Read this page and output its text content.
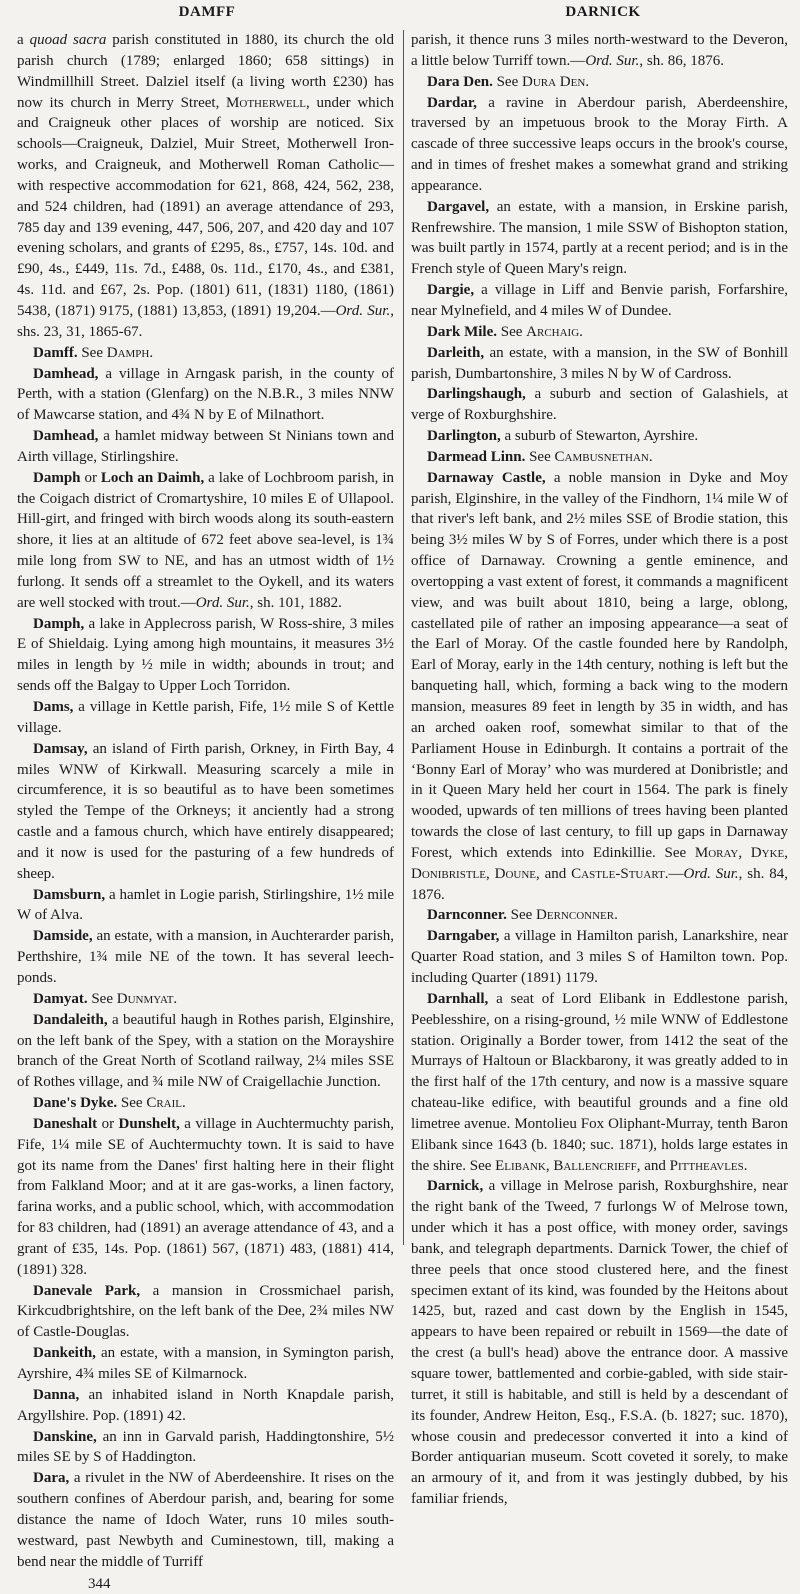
DAMFF	DARNICK

a quoad sacra parish constituted in 1880, its church the old parish church (1789; enlarged 1860; 658 sittings) in Windmillhill Street. Dalziel itself (a living worth £230) has now its church in Merry Street, Motherwell, under which and Craigneuk other places of worship are noticed. Six schools—Craigneuk, Dalziel, Muir Street, Motherwell Iron-works, and Craigneuk, and Motherwell Roman Catholic—with respective accommodation for 621, 868, 424, 562, 238, and 524 children, had (1891) an average attendance of 293, 785 day and 139 evening, 447, 506, 207, and 420 day and 107 evening scholars, and grants of £295, 8s., £757, 14s. 10d. and £90, 4s., £449, 11s. 7d., £488, 0s. 11d., £170, 4s., and £381, 4s. 11d. and £67, 2s. Pop. (1801) 611, (1831) 1180, (1861) 5438, (1871) 9175, (1881) 13,853, (1891) 19,204.—Ord. Sur., shs. 23, 31, 1865-67.

Damff. See Damph.

Damhead, a village in Arngask parish, in the county of Perth, with a station (Glenfarg) on the N.B.R., 3 miles NNW of Mawcarse station, and 4¾ N by E of Milnathort.

Damhead, a hamlet midway between St Ninians town and Airth village, Stirlingshire.

Damph or Loch an Daimh, a lake of Lochbroom parish, in the Coigach district of Cromartyshire, 10 miles E of Ullapool. Hill-girt, and fringed with birch woods along its south-eastern shore, it lies at an altitude of 672 feet above sea-level, is 1¾ mile long from SW to NE, and has an utmost width of 1½ furlong. It sends off a streamlet to the Oykell, and its waters are well stocked with trout.—Ord. Sur., sh. 101, 1882.

Damph, a lake in Applecross parish, W Ross-shire, 3 miles E of Shieldaig. Lying among high mountains, it measures 3½ miles in length by ½ mile in width; abounds in trout; and sends off the Balgay to Upper Loch Torridon.

Dams, a village in Kettle parish, Fife, 1½ mile S of Kettle village.

Damsay, an island of Firth parish, Orkney, in Firth Bay, 4 miles WNW of Kirkwall. Measuring scarcely a mile in circumference, it is so beautiful as to have been sometimes styled the Tempe of the Orkneys; it anciently had a strong castle and a famous church, which have entirely disappeared; and it now is used for the pasturing of a few hundreds of sheep.

Damsburn, a hamlet in Logie parish, Stirlingshire, 1½ mile W of Alva.

Damside, an estate, with a mansion, in Auchterarder parish, Perthshire, 1¾ mile NE of the town. It has several leech-ponds.

Damyat. See Dunmyat.

Dandaleith, a beautiful haugh in Rothes parish, Elginshire, on the left bank of the Spey, with a station on the Morayshire branch of the Great North of Scotland railway, 2¼ miles SSE of Rothes village, and ¾ mile NW of Craigellachie Junction.

Dane's Dyke. See Crail.

Daneshalt or Dunshelt, a village in Auchtermuchty parish, Fife, 1¼ mile SE of Auchtermuchty town. It is said to have got its name from the Danes' first halting here in their flight from Falkland Moor; and at it are gas-works, a linen factory, farina works, and a public school, which, with accommodation for 83 children, had (1891) an average attendance of 43, and a grant of £35, 14s. Pop. (1861) 567, (1871) 483, (1881) 414, (1891) 328.

Danevale Park, a mansion in Crossmichael parish, Kirkcudbrightshire, on the left bank of the Dee, 2¾ miles NW of Castle-Douglas.

Dankeith, an estate, with a mansion, in Symington parish, Ayrshire, 4¾ miles SE of Kilmarnock.

Danna, an inhabited island in North Knapdale parish, Argyllshire. Pop. (1891) 42.

Danskine, an inn in Garvald parish, Haddingtonshire, 5½ miles SE by S of Haddington.

Dara, a rivulet in the NW of Aberdeenshire. It rises on the southern confines of Aberdour parish, and, bearing for some distance the name of Idoch Water, runs 10 miles south-westward, past Newbyth and Cuminestown, till, making a bend near the middle of Turriff

344

parish, it thence runs 3 miles north-westward to the Deveron, a little below Turriff town.—Ord. Sur., sh. 86, 1876.

Dara Den. See Dura Den.

Dardar, a ravine in Aberdour parish, Aberdeenshire, traversed by an impetuous brook to the Moray Firth. A cascade of three successive leaps occurs in the brook's course, and in times of freshet makes a somewhat grand and striking appearance.

Dargavel, an estate, with a mansion, in Erskine parish, Renfrewshire. The mansion, 1 mile SSW of Bishopton station, was built partly in 1574, partly at a recent period; and is in the French style of Queen Mary's reign.

Dargie, a village in Liff and Benvie parish, Forfarshire, near Mylnefield, and 4 miles W of Dundee.

Dark Mile. See Archaig.

Darleith, an estate, with a mansion, in the SW of Bonhill parish, Dumbartonshire, 3 miles N by W of Cardross.

Darlingshaugh, a suburb and section of Galashiels, at verge of Roxburghshire.

Darlington, a suburb of Stewarton, Ayrshire.

Darmead Linn. See Cambusnethan.

Darnaway Castle, a noble mansion in Dyke and Moy parish, Elginshire, in the valley of the Findhorn, 1¼ mile W of that river's left bank, and 2½ miles SSE of Brodie station, this being 3½ miles W by S of Forres, under which there is a post office of Darnaway. Crowning a gentle eminence, and overtopping a vast extent of forest, it commands a magnificent view, and was built about 1810, being a large, oblong, castellated pile of rather an imposing appearance—a seat of the Earl of Moray. Of the castle founded here by Randolph, Earl of Moray, early in the 14th century, nothing is left but the banqueting hall, which, forming a back wing to the modern mansion, measures 89 feet in length by 35 in width, and has an arched oaken roof, somewhat similar to that of the Parliament House in Edinburgh. It contains a portrait of the ‘Bonny Earl of Moray’ who was murdered at Donibristle; and in it Queen Mary held her court in 1564. The park is finely wooded, upwards of ten millions of trees having been planted towards the close of last century, to fill up gaps in Darnaway Forest, which extends into Edinkillie. See Moray, Dyke, Donibristle, Doune, and Castle-Stuart.—Ord. Sur., sh. 84, 1876.

Darnconner. See Dernconner.

Darngaber, a village in Hamilton parish, Lanarkshire, near Quarter Road station, and 3 miles S of Hamilton town. Pop. including Quarter (1891) 1179.

Darnhall, a seat of Lord Elibank in Eddlestone parish, Peeblesshire, on a rising-ground, ½ mile WNW of Eddlestone station. Originally a Border tower, from 1412 the seat of the Murrays of Haltoun or Blackbarony, it was greatly added to in the first half of the 17th century, and now is a massive square chateau-like edifice, with beautiful grounds and a fine old limetree avenue. Montolieu Fox Oliphant-Murray, tenth Baron Elibank since 1643 (b. 1840; suc. 1871), holds large estates in the shire. See Elibank, Ballencrieff, and Pittheavles.

Darnick, a village in Melrose parish, Roxburghshire, near the right bank of the Tweed, 7 furlongs W of Melrose town, under which it has a post office, with money order, savings bank, and telegraph departments. Darnick Tower, the chief of three peels that once stood clustered here, and the finest specimen extant of its kind, was founded by the Heitons about 1425, but, razed and cast down by the English in 1545, appears to have been repaired or rebuilt in 1569—the date of the crest (a bull's head) above the entrance door. A massive square tower, battlemented and corbie-gabled, with side stair-turret, it still is habitable, and still is held by a descendant of its founder, Andrew Heiton, Esq., F.S.A. (b. 1827; suc. 1870), whose cousin and predecessor converted it into a kind of Border antiquarian museum. Scott coveted it sorely, to make an armoury of it, and from it was jestingly dubbed, by his familiar friends,
